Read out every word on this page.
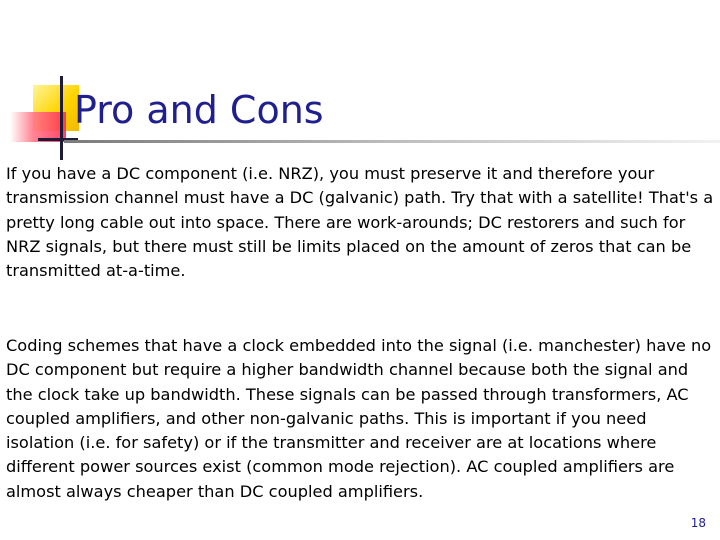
Pro and Cons

If you have a DC component (i.e. NRZ), you must preserve it and therefore your transmission channel must have a DC (galvanic) path. Try that with a satellite! That's a pretty long cable out into space. There are work-arounds; DC restorers and such for NRZ signals, but there must still be limits placed on the amount of zeros that can be transmitted at-a-time.

Coding schemes that have a clock embedded into the signal (i.e. manchester) have no DC component but require a higher bandwidth channel because both the signal and the clock take up bandwidth. These signals can be passed through transformers, AC coupled amplifiers, and other non-galvanic paths. This is important if you need isolation (i.e. for safety) or if the transmitter and receiver are at locations where different power sources exist (common mode rejection). AC coupled amplifiers are almost always cheaper than DC coupled amplifiers.

18
